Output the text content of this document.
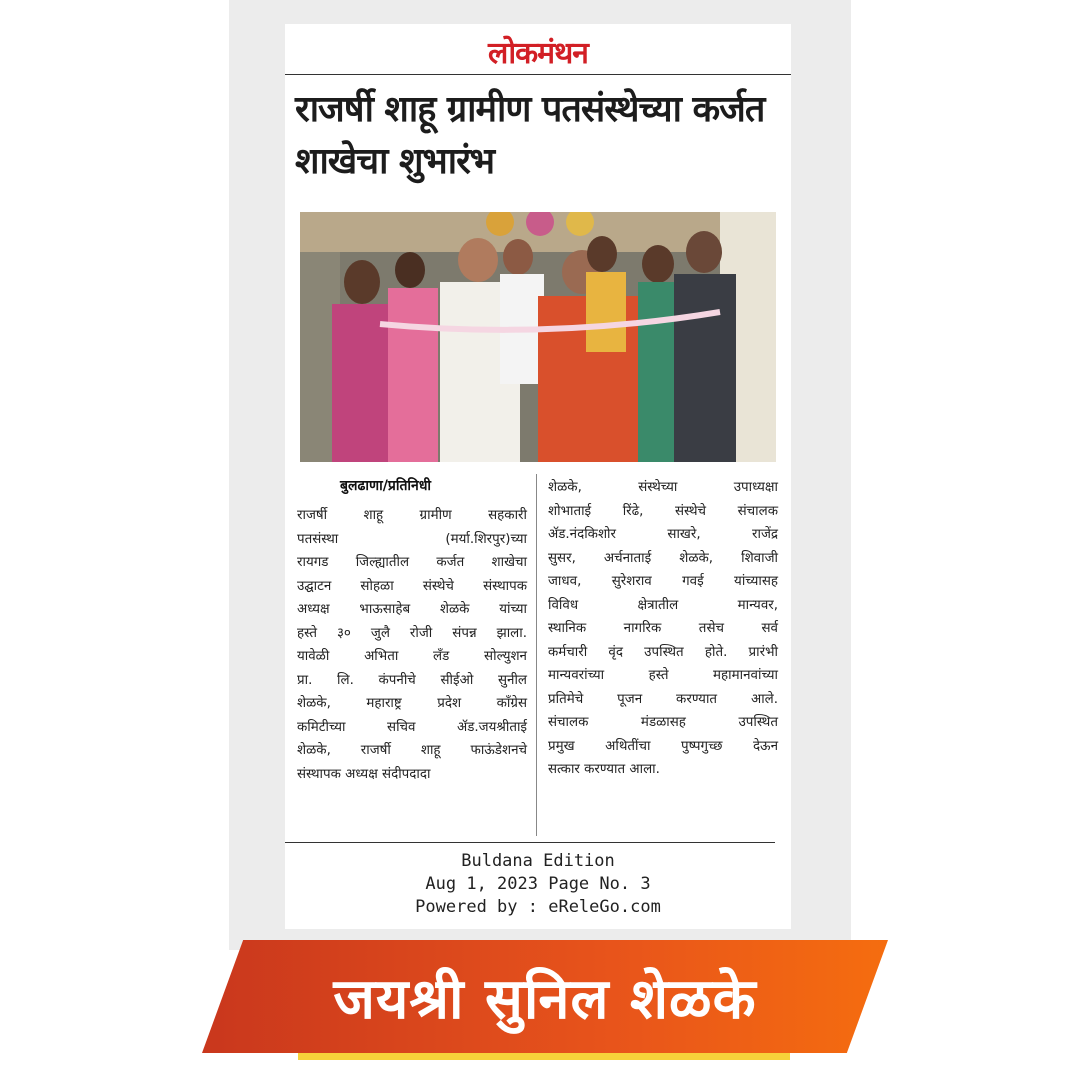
लोकमंथन
राजर्षी शाहू ग्रामीण पतसंस्थेच्या कर्जत शाखेचा शुभारंभ
बुलढाणा/प्रतिनिधी
राजर्षी शाहू ग्रामीण सहकारी
पतसंस्था (मर्या.शिरपुर)च्या
रायगड जिल्ह्यातील कर्जत शाखेचा
उद्घाटन सोहळा संस्थेचे संस्थापक
अध्यक्ष भाऊसाहेब शेळके यांच्या
हस्ते ३० जुलै रोजी संपन्न झाला.
यावेळी अभिता लँड सोल्युशन
प्रा. लि. कंपनीचे सीईओ सुनील
शेळके, महाराष्ट्र प्रदेश काँग्रेस
कमिटीच्या सचिव ॲड.जयश्रीताई
शेळके, राजर्षी शाहू फाऊंडेशनचे
संस्थापक अध्यक्ष संदीपदादा
शेळके, संस्थेच्या उपाध्यक्षा
शोभाताई रिंढे, संस्थेचे संचालक
ॲड.नंदकिशोर साखरे, राजेंद्र
सुसर, अर्चनाताई शेळके, शिवाजी
जाधव, सुरेशराव गवई यांच्यासह
विविध क्षेत्रातील मान्यवर,
स्थानिक नागरिक तसेच सर्व
कर्मचारी वृंद उपस्थित होते. प्रारंभी
मान्यवरांच्या हस्ते महामानवांच्या
प्रतिमेचे पूजन करण्यात आले.
संचालक मंडळासह उपस्थित
प्रमुख अथितींचा पुष्पगुच्छ देऊन
सत्कार करण्यात आला.
Buldana Edition
Aug 1, 2023 Page No. 3
Powered by : eReleGo.com
जयश्री सुनिल शेळके
